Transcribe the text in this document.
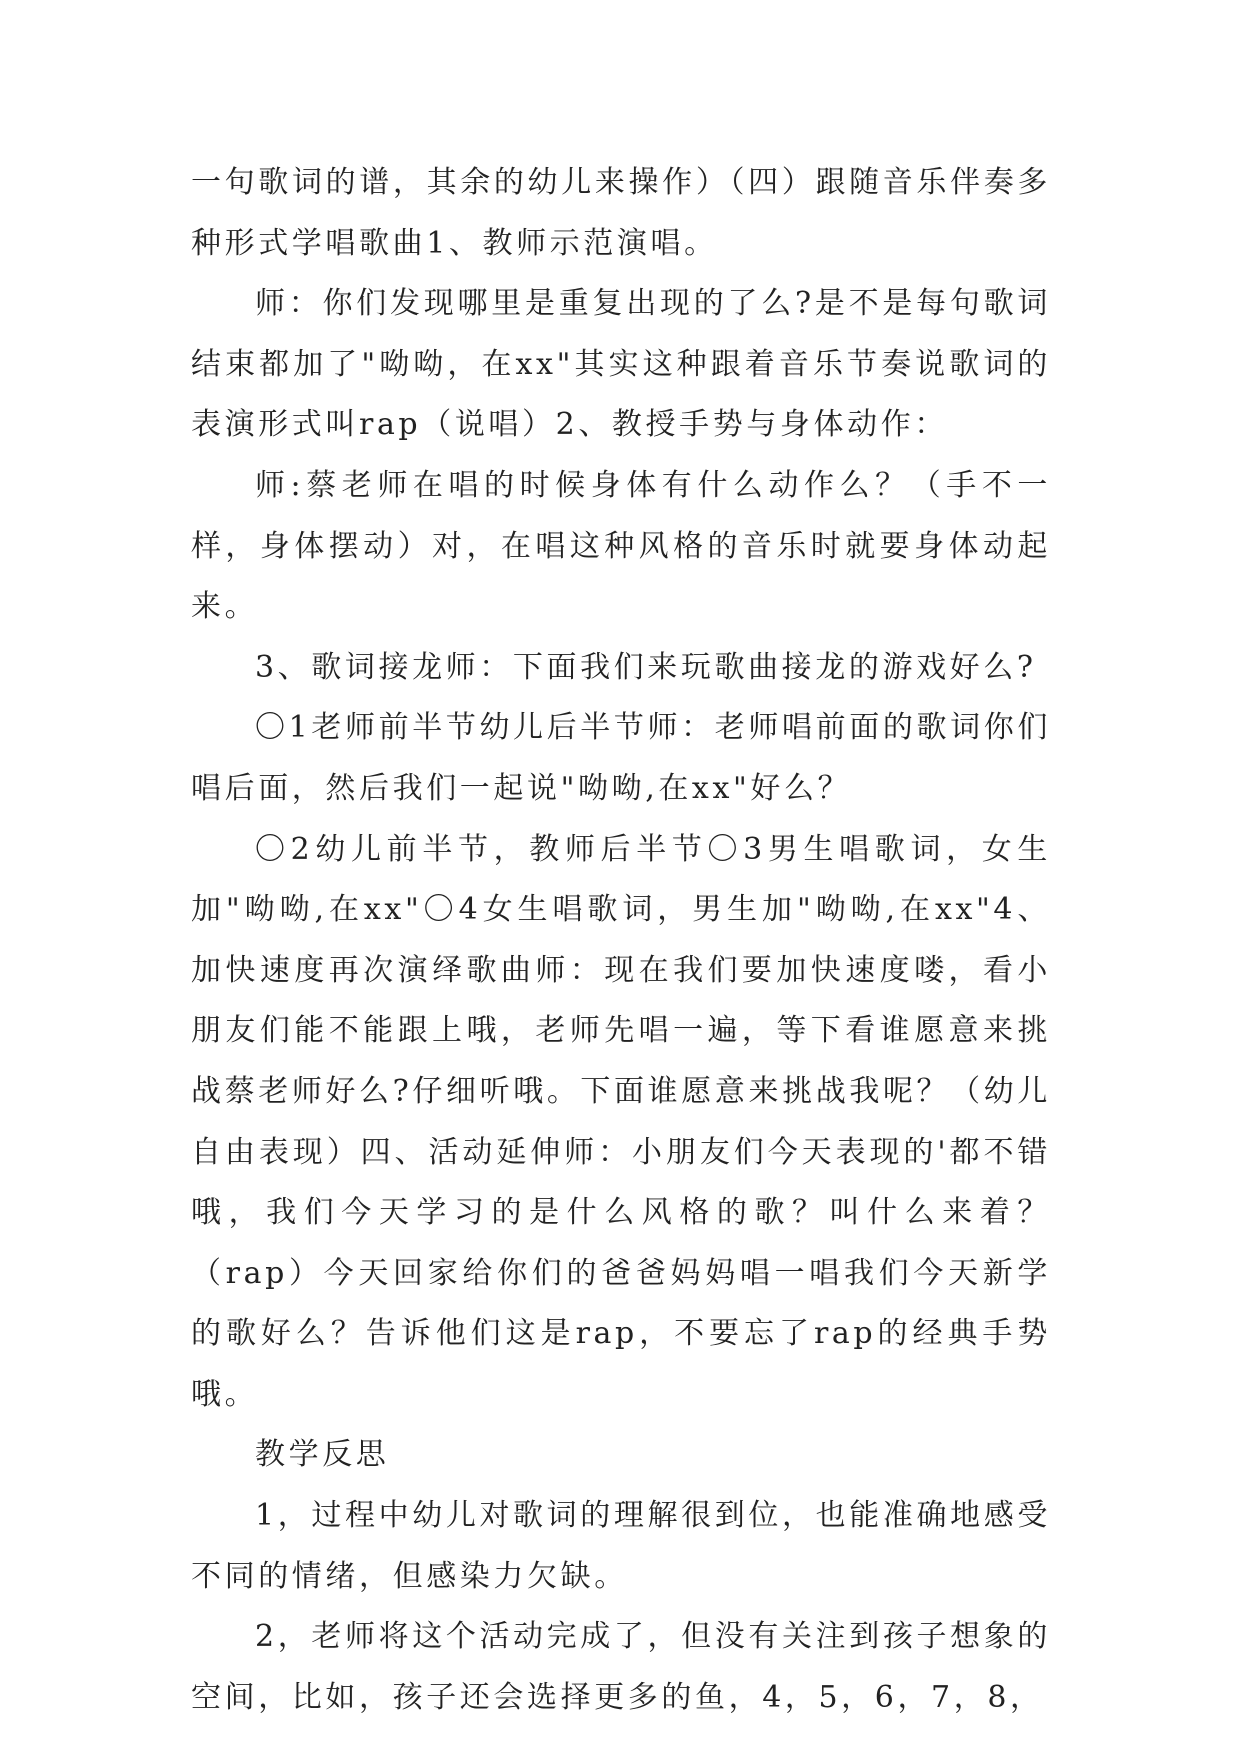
一句歌词的谱，其余的幼儿来操作）（四）跟随音乐伴奏多种形式学唱歌曲1、教师示范演唱。

师：你们发现哪里是重复出现的了么?是不是每句歌词结束都加了"呦呦，在xx"其实这种跟着音乐节奏说歌词的表演形式叫rap（说唱）2、教授手势与身体动作：

师:蔡老师在唱的时候身体有什么动作么？（手不一样，身体摆动）对，在唱这种风格的音乐时就要身体动起来。

3、歌词接龙师：下面我们来玩歌曲接龙的游戏好么?

〇1老师前半节幼儿后半节师：老师唱前面的歌词你们唱后面，然后我们一起说"呦呦,在xx"好么？

〇2幼儿前半节，教师后半节〇3男生唱歌词，女生加"呦呦,在xx"〇4女生唱歌词，男生加"呦呦,在xx"4、加快速度再次演绎歌曲师：现在我们要加快速度喽，看小朋友们能不能跟上哦，老师先唱一遍，等下看谁愿意来挑战蔡老师好么?仔细听哦。下面谁愿意来挑战我呢？（幼儿自由表现）四、活动延伸师：小朋友们今天表现的'都不错哦，我们今天学习的是什么风格的歌？叫什么来着？（rap）今天回家给你们的爸爸妈妈唱一唱我们今天新学的歌好么？告诉他们这是rap，不要忘了rap的经典手势哦。

教学反思

1，过程中幼儿对歌词的理解很到位，也能准确地感受不同的情绪，但感染力欠缺。

2，老师将这个活动完成了，但没有关注到孩子想象的空间，比如，孩子还会选择更多的鱼，4，5，6，7，8，
